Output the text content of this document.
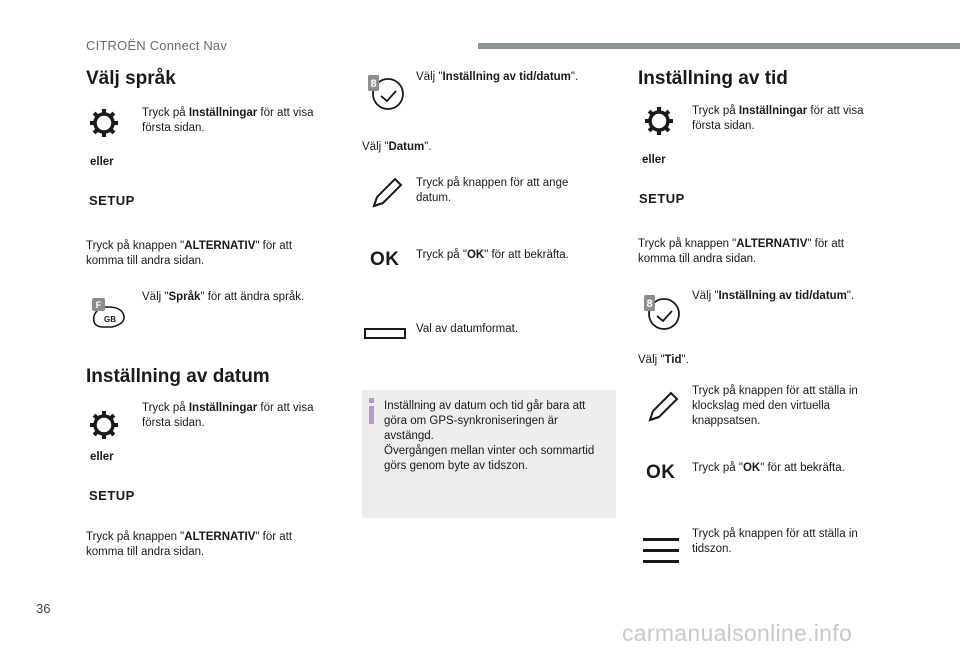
CITROËN Connect Nav
Välj språk
Tryck på Inställningar för att visa första sidan.
eller
SETUP
Tryck på knappen "ALTERNATIV" för att komma till andra sidan.
F
GB
Välj "Språk" för att ändra språk.
Inställning av datum
Tryck på Inställningar för att visa första sidan.
eller
SETUP
Tryck på knappen "ALTERNATIV" för att komma till andra sidan.
8
Välj "Inställning av tid/datum".
Välj "Datum".
Tryck på knappen för att ange datum.
OK Tryck på "OK" för att bekräfta.
Val av datumformat.
Inställning av datum och tid går bara att göra om GPS-synkroniseringen är avstängd.
Övergången mellan vinter och sommartid görs genom byte av tidszon.
Inställning av tid
Tryck på Inställningar för att visa första sidan.
eller
SETUP
Tryck på knappen "ALTERNATIV" för att komma till andra sidan.
8
Välj "Inställning av tid/datum".
Välj "Tid".
Tryck på knappen för att ställa in klockslag med den virtuella knappsatsen.
OK Tryck på "OK" för att bekräfta.
Tryck på knappen för att ställa in tidszon.
36
carmanualsonline.info
